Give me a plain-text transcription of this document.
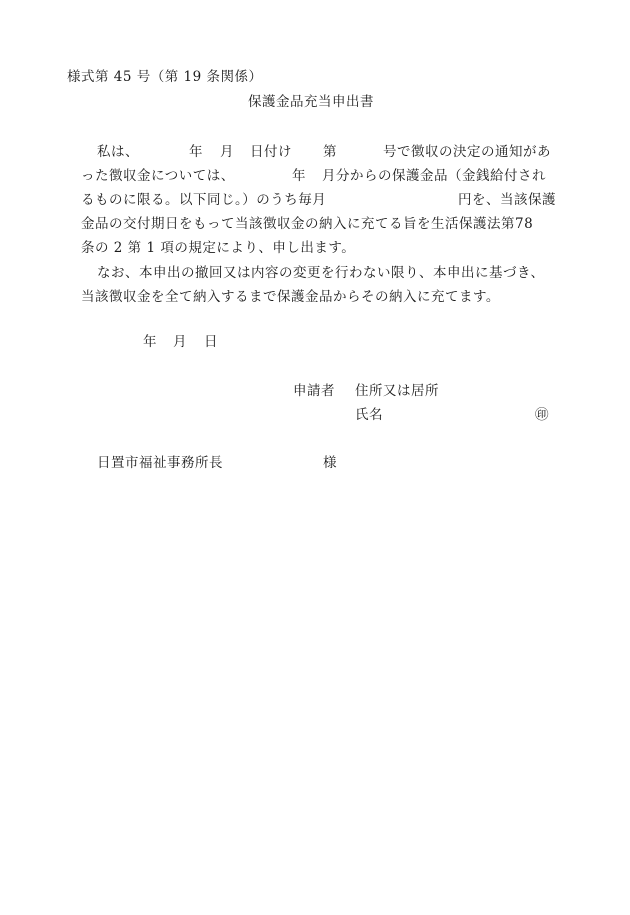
様式第 45 号（第 19 条関係）
保護金品充当申出書
私は、	年 月 日付け 第	号で徴収の決定の通知があ
った徴収金については、	年 月分からの保護金品（金銭給付され
るものに限る。以下同じ。）のうち毎月	円を、当該保護
金品の交付期日をもって当該徴収金の納入に充てる旨を生活保護法第78
条の 2 第 1 項の規定により、申し出ます。
なお、本申出の撤回又は内容の変更を行わない限り、本申出に基づき、
当該徴収金を全て納入するまで保護金品からその納入に充てます。
年 月 日
申請者 住所又は居所
氏名	㊞
日置市福祉事務所長	様
